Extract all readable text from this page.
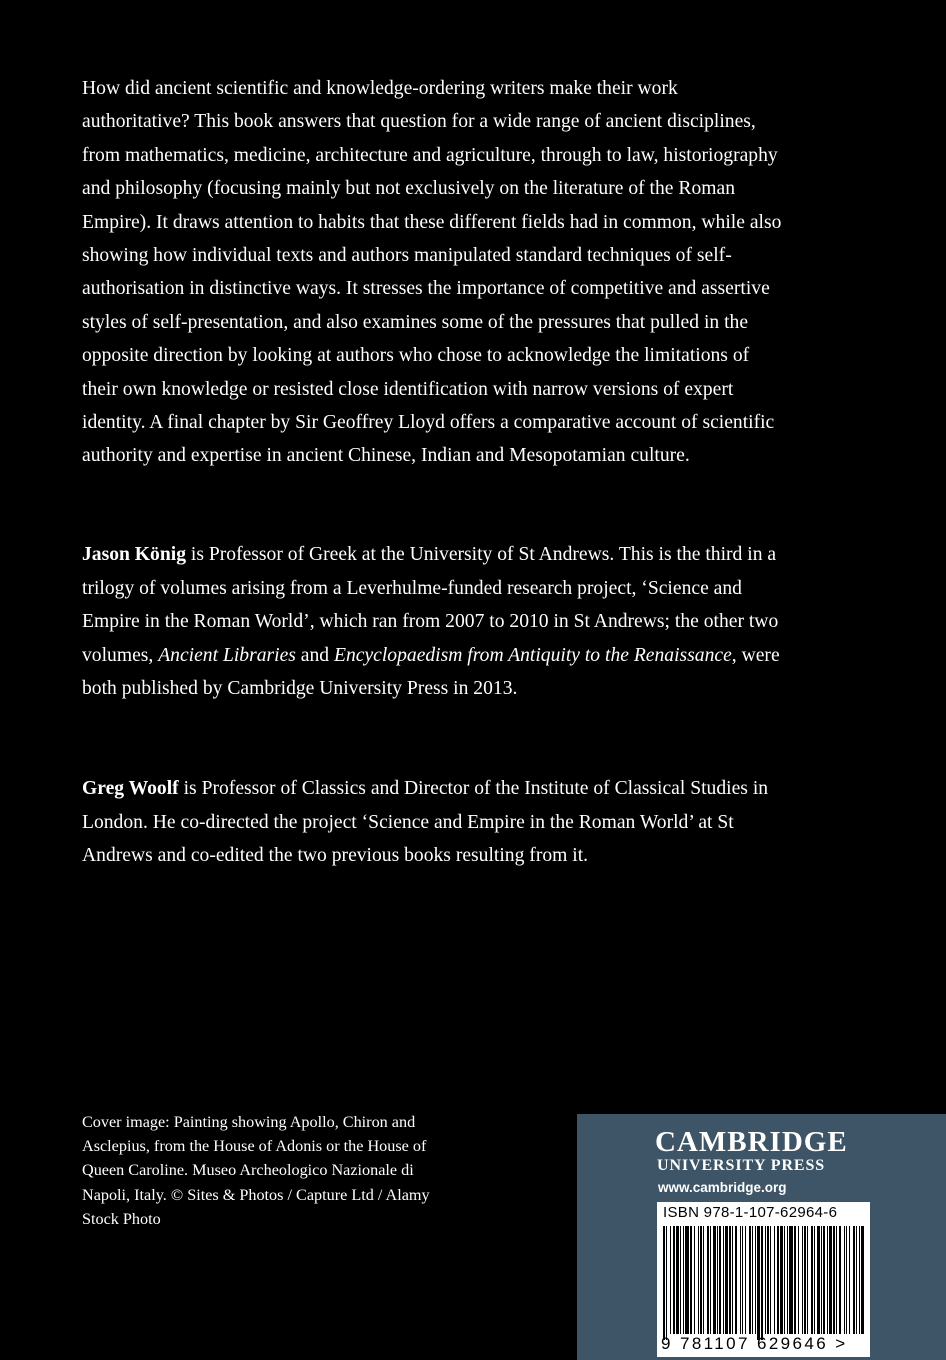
How did ancient scientific and knowledge-ordering writers make their work authoritative? This book answers that question for a wide range of ancient disciplines, from mathematics, medicine, architecture and agriculture, through to law, historiography and philosophy (focusing mainly but not exclusively on the literature of the Roman Empire). It draws attention to habits that these different fields had in common, while also showing how individual texts and authors manipulated standard techniques of self-authorisation in distinctive ways. It stresses the importance of competitive and assertive styles of self-presentation, and also examines some of the pressures that pulled in the opposite direction by looking at authors who chose to acknowledge the limitations of their own knowledge or resisted close identification with narrow versions of expert identity. A final chapter by Sir Geoffrey Lloyd offers a comparative account of scientific authority and expertise in ancient Chinese, Indian and Mesopotamian culture.

Jason König is Professor of Greek at the University of St Andrews. This is the third in a trilogy of volumes arising from a Leverhulme-funded research project, ‘Science and Empire in the Roman World’, which ran from 2007 to 2010 in St Andrews; the other two volumes, Ancient Libraries and Encyclopaedism from Antiquity to the Renaissance, were both published by Cambridge University Press in 2013.

Greg Woolf is Professor of Classics and Director of the Institute of Classical Studies in London. He co-directed the project ‘Science and Empire in the Roman World’ at St Andrews and co-edited the two previous books resulting from it.

Cover image: Painting showing Apollo, Chiron and Asclepius, from the House of Adonis or the House of Queen Caroline. Museo Archeologico Nazionale di Napoli, Italy. © Sites & Photos / Capture Ltd / Alamy Stock Photo

CAMBRIDGE
UNIVERSITY PRESS
www.cambridge.org
ISBN 978-1-107-62964-6
9 781107 629646 >
